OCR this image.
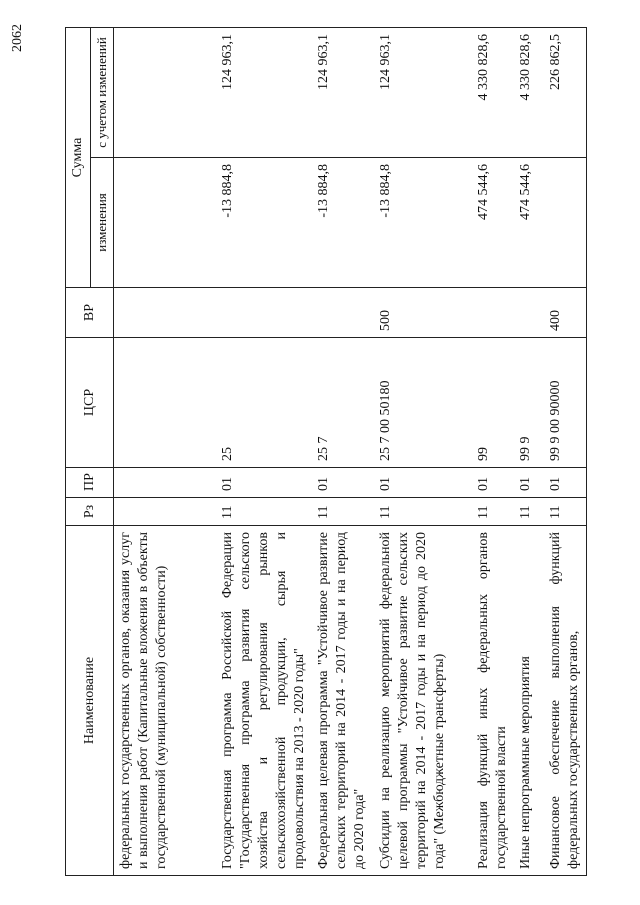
2062
Наименование	Рз	ПР	ЦСР	ВР	Сумма	
					изменения	с учетом изменений
федеральных государственных органов, оказания услуг и выполнения работ (Капитальные вложения в объекты государственной (муниципальной) собственности)						
Государственная программа Российской Федерации "Государственная программа развития сельского хозяйства и регулирования рынков сельскохозяйственной продукции, сырья и продовольствия на 2013 - 2020 годы"	11	01	25		-13 884,8	124 963,1
Федеральная целевая программа "Устойчивое развитие сельских территорий на 2014 - 2017 годы и на период до 2020 года"	11	01	25 7		-13 884,8	124 963,1
Субсидии на реализацию мероприятий федеральной целевой программы "Устойчивое развитие сельских территорий на 2014 - 2017 годы и на период до 2020 года" (Межбюджетные трансферты)	11	01	25 7 00 50180	500	-13 884,8	124 963,1
Реализация функций иных федеральных органов государственной власти	11	01	99		474 544,6	4 330 828,6
Иные непрограммные мероприятия	11	01	99 9		474 544,6	4 330 828,6
Финансовое обеспечение выполнения функций федеральных государственных органов,	11	01	99 9 00 90000	400		226 862,5
